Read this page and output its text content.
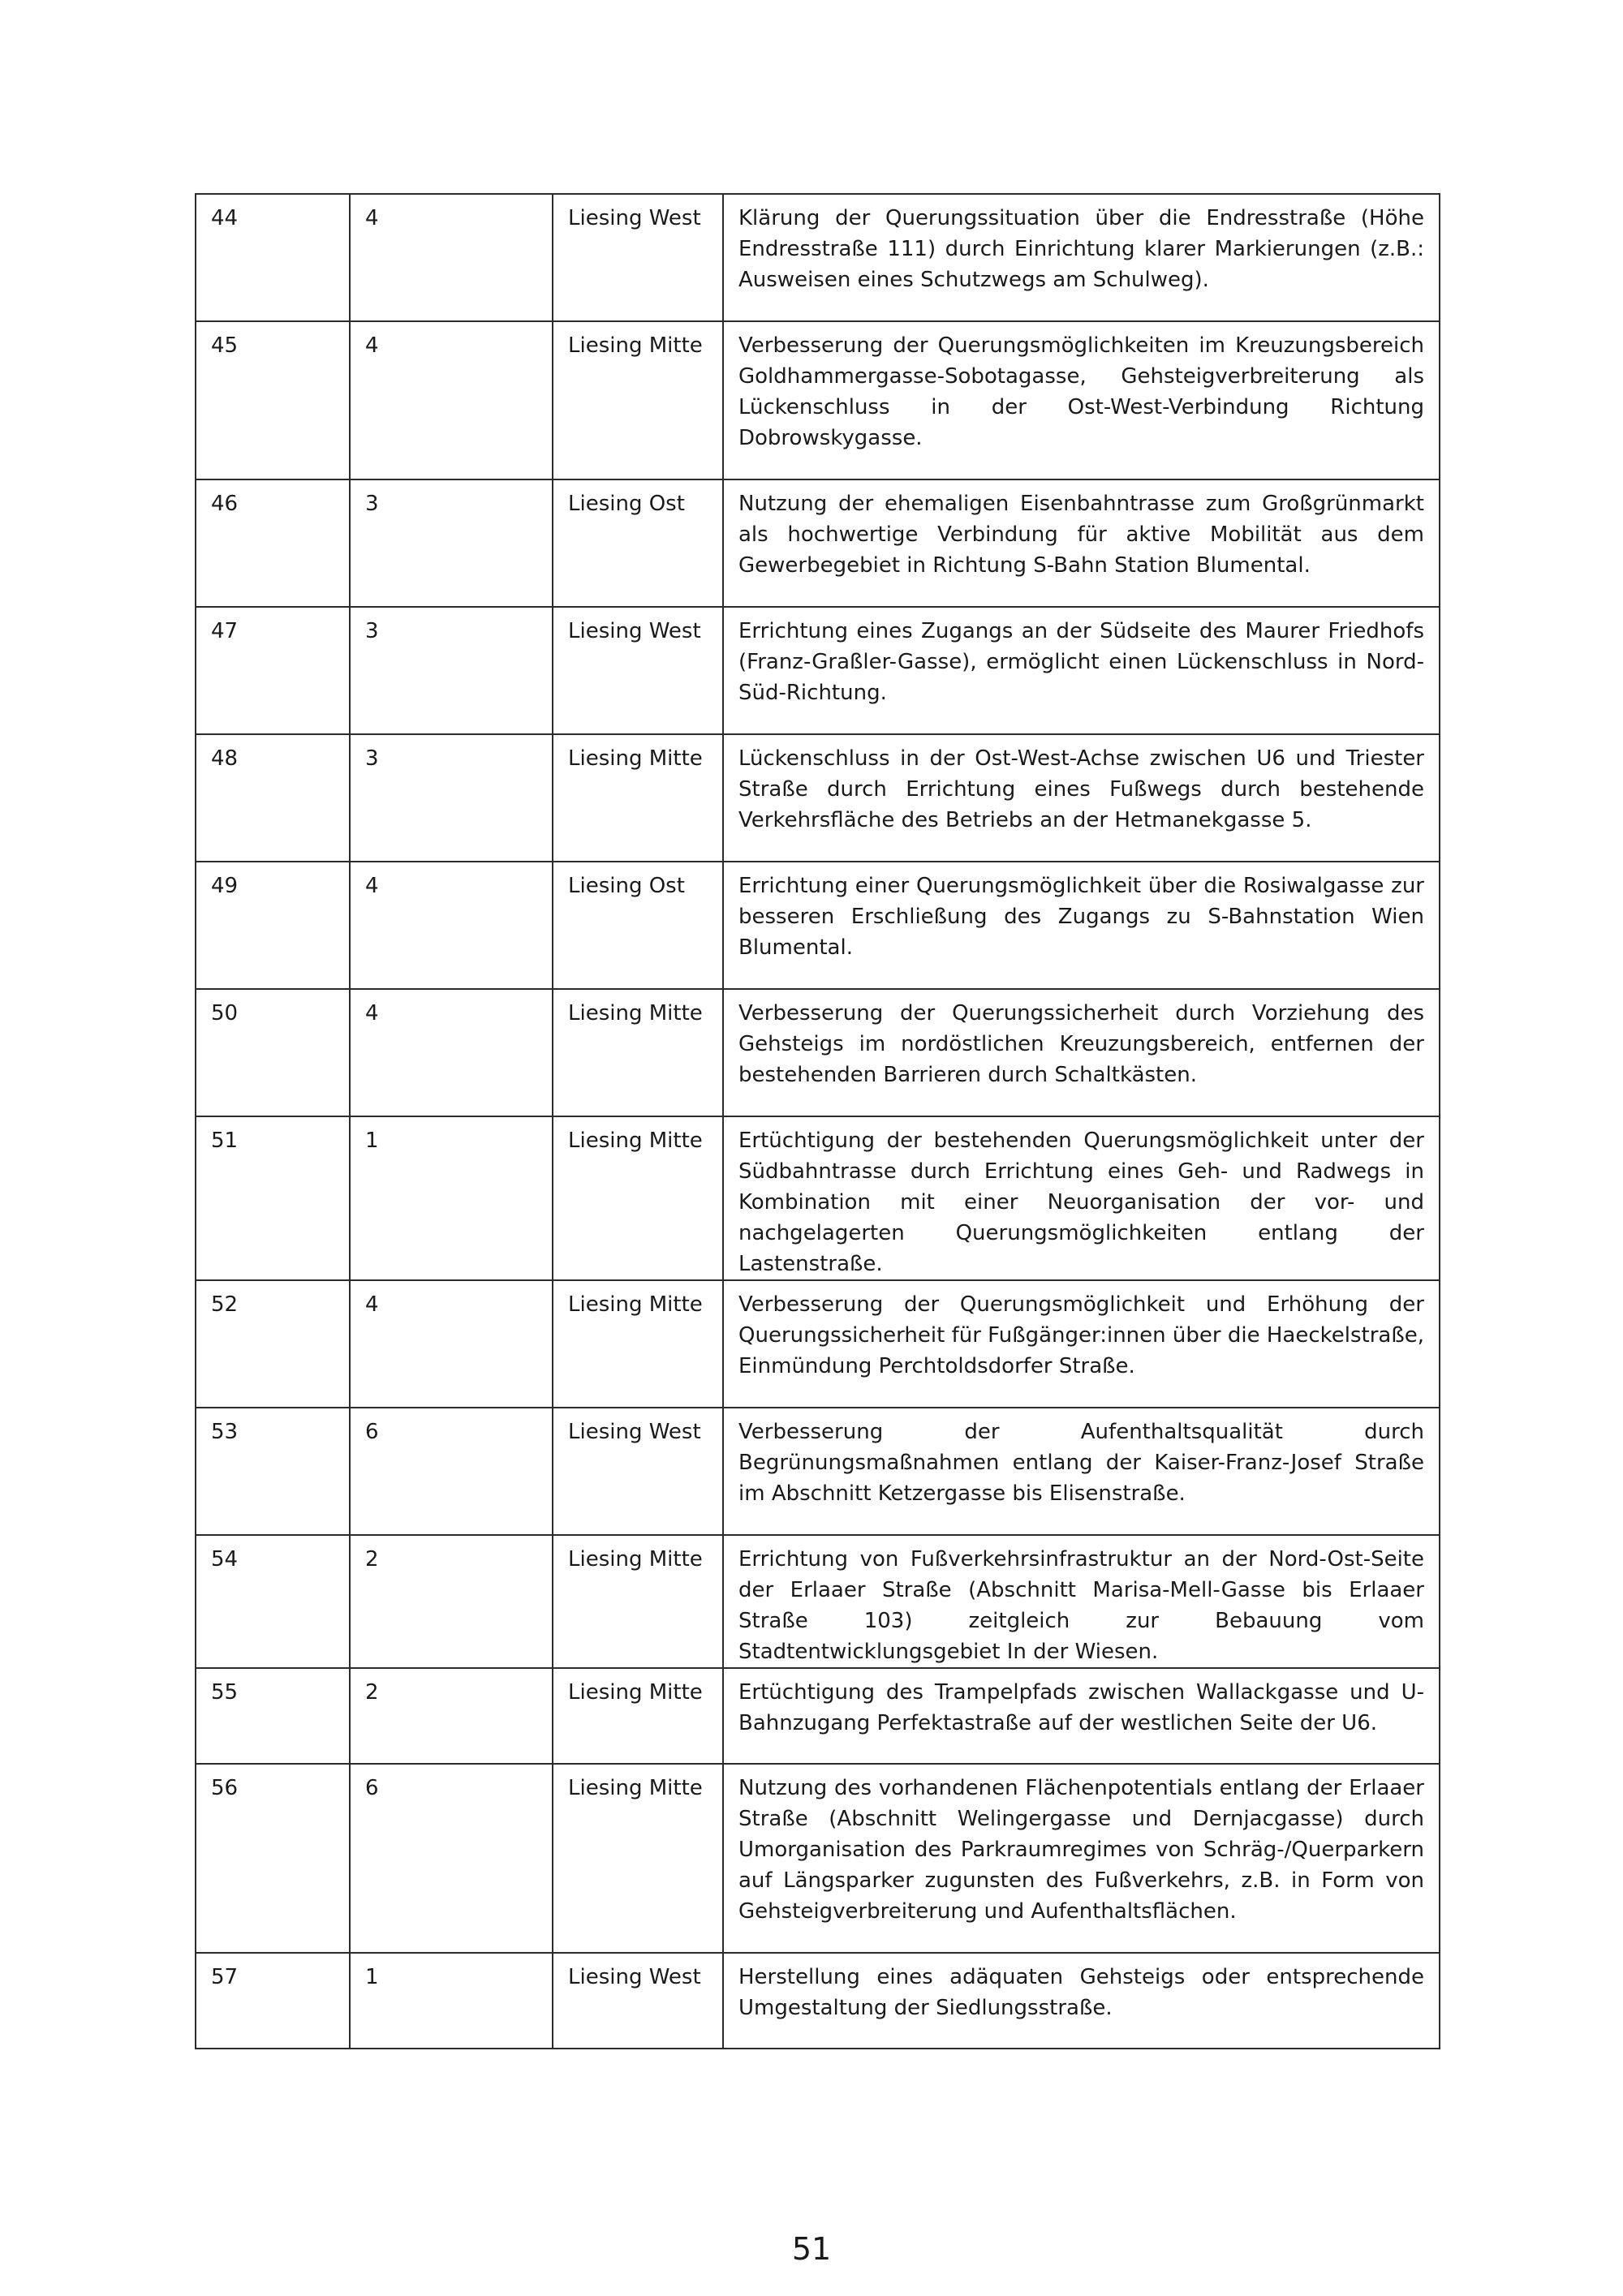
44	4	Liesing West	Klärung der Querungssituation über die Endresstraße (Höhe Endresstraße 111) durch Einrichtung klarer Markierungen (z.B.: Ausweisen eines Schutzwegs am Schulweg).

45	4	Liesing Mitte	Verbesserung der Querungsmöglichkeiten im Kreuzungsbereich Goldhammergasse-Sobotagasse, Gehsteigverbreiterung als Lückenschluss in der Ost-West-Verbindung Richtung Dobrowskygasse.

46	3	Liesing Ost	Nutzung der ehemaligen Eisenbahntrasse zum Großgrünmarkt als hochwertige Verbindung für aktive Mobilität aus dem Gewerbegebiet in Richtung S-Bahn Station Blumental.

47	3	Liesing West	Errichtung eines Zugangs an der Südseite des Maurer Friedhofs (Franz-Graßler-Gasse), ermöglicht einen Lückenschluss in Nord-Süd-Richtung.

48	3	Liesing Mitte	Lückenschluss in der Ost-West-Achse zwischen U6 und Triester Straße durch Errichtung eines Fußwegs durch bestehende Verkehrsfläche des Betriebs an der Hetmanekgasse 5.

49	4	Liesing Ost	Errichtung einer Querungsmöglichkeit über die Rosiwalgasse zur besseren Erschließung des Zugangs zu S-Bahnstation Wien Blumental.

50	4	Liesing Mitte	Verbesserung der Querungssicherheit durch Vorziehung des Gehsteigs im nordöstlichen Kreuzungsbereich, entfernen der bestehenden Barrieren durch Schaltkästen.

51	1	Liesing Mitte	Ertüchtigung der bestehenden Querungsmöglichkeit unter der Südbahntrasse durch Errichtung eines Geh- und Radwegs in Kombination mit einer Neuorganisation der vor- und nachgelagerten Querungsmöglichkeiten entlang der Lastenstraße.

52	4	Liesing Mitte	Verbesserung der Querungsmöglichkeit und Erhöhung der Querungssicherheit für Fußgänger:innen über die Haeckelstraße, Einmündung Perchtoldsdorfer Straße.

53	6	Liesing West	Verbesserung der Aufenthaltsqualität durch Begrünungsmaßnahmen entlang der Kaiser-Franz-Josef Straße im Abschnitt Ketzergasse bis Elisenstraße.

54	2	Liesing Mitte	Errichtung von Fußverkehrsinfrastruktur an der Nord-Ost-Seite der Erlaaer Straße (Abschnitt Marisa-Mell-Gasse bis Erlaaer Straße 103) zeitgleich zur Bebauung vom Stadtentwicklungsgebiet In der Wiesen.

55	2	Liesing Mitte	Ertüchtigung des Trampelpfads zwischen Wallackgasse und U-Bahnzugang Perfektastraße auf der westlichen Seite der U6.

56	6	Liesing Mitte	Nutzung des vorhandenen Flächenpotentials entlang der Erlaaer Straße (Abschnitt Welingergasse und Dernjacgasse) durch Umorganisation des Parkraumregimes von Schräg-/Querparkern auf Längsparker zugunsten des Fußverkehrs, z.B. in Form von Gehsteigverbreiterung und Aufenthaltsflächen.

57	1	Liesing West	Herstellung eines adäquaten Gehsteigs oder entsprechende Umgestaltung der Siedlungsstraße.
51
